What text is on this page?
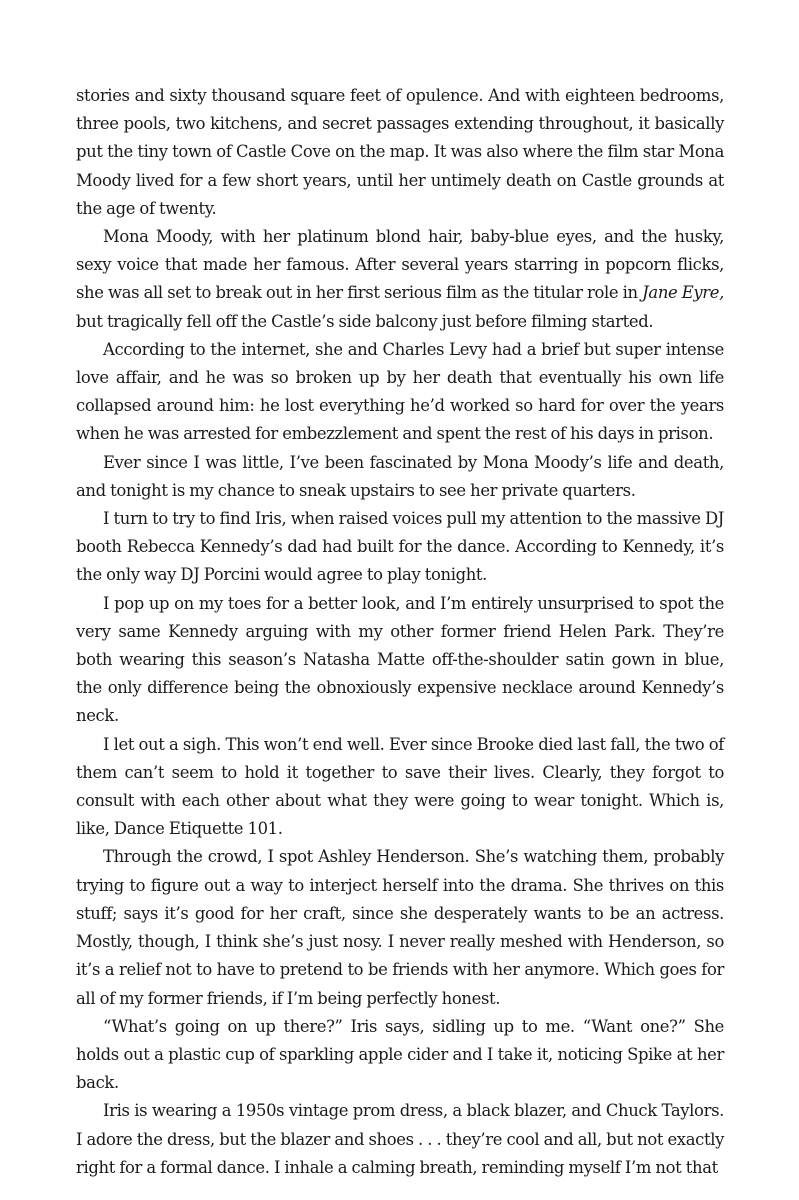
stories and sixty thousand square feet of opulence. And with eighteen bedrooms, three pools, two kitchens, and secret passages extending throughout, it basically put the tiny town of Castle Cove on the map. It was also where the film star Mona Moody lived for a few short years, until her untimely death on Castle grounds at the age of twenty.

Mona Moody, with her platinum blond hair, baby-blue eyes, and the husky, sexy voice that made her famous. After several years starring in popcorn flicks, she was all set to break out in her first serious film as the titular role in Jane Eyre, but tragically fell off the Castle’s side balcony just before filming started.

According to the internet, she and Charles Levy had a brief but super intense love affair, and he was so broken up by her death that eventually his own life collapsed around him: he lost everything he’d worked so hard for over the years when he was arrested for embezzlement and spent the rest of his days in prison.

Ever since I was little, I’ve been fascinated by Mona Moody’s life and death, and tonight is my chance to sneak upstairs to see her private quarters.

I turn to try to find Iris, when raised voices pull my attention to the massive DJ booth Rebecca Kennedy’s dad had built for the dance. According to Kennedy, it’s the only way DJ Porcini would agree to play tonight.

I pop up on my toes for a better look, and I’m entirely unsurprised to spot the very same Kennedy arguing with my other former friend Helen Park. They’re both wearing this season’s Natasha Matte off-the-shoulder satin gown in blue, the only difference being the obnoxiously expensive necklace around Kennedy’s neck.

I let out a sigh. This won’t end well. Ever since Brooke died last fall, the two of them can’t seem to hold it together to save their lives. Clearly, they forgot to consult with each other about what they were going to wear tonight. Which is, like, Dance Etiquette 101.

Through the crowd, I spot Ashley Henderson. She’s watching them, probably trying to figure out a way to interject herself into the drama. She thrives on this stuff; says it’s good for her craft, since she desperately wants to be an actress. Mostly, though, I think she’s just nosy. I never really meshed with Henderson, so it’s a relief not to have to pretend to be friends with her anymore. Which goes for all of my former friends, if I’m being perfectly honest.

“What’s going on up there?” Iris says, sidling up to me. “Want one?” She holds out a plastic cup of sparkling apple cider and I take it, noticing Spike at her back.

Iris is wearing a 1950s vintage prom dress, a black blazer, and Chuck Taylors. I adore the dress, but the blazer and shoes . . . they’re cool and all, but not exactly right for a formal dance. I inhale a calming breath, reminding myself I’m not that
